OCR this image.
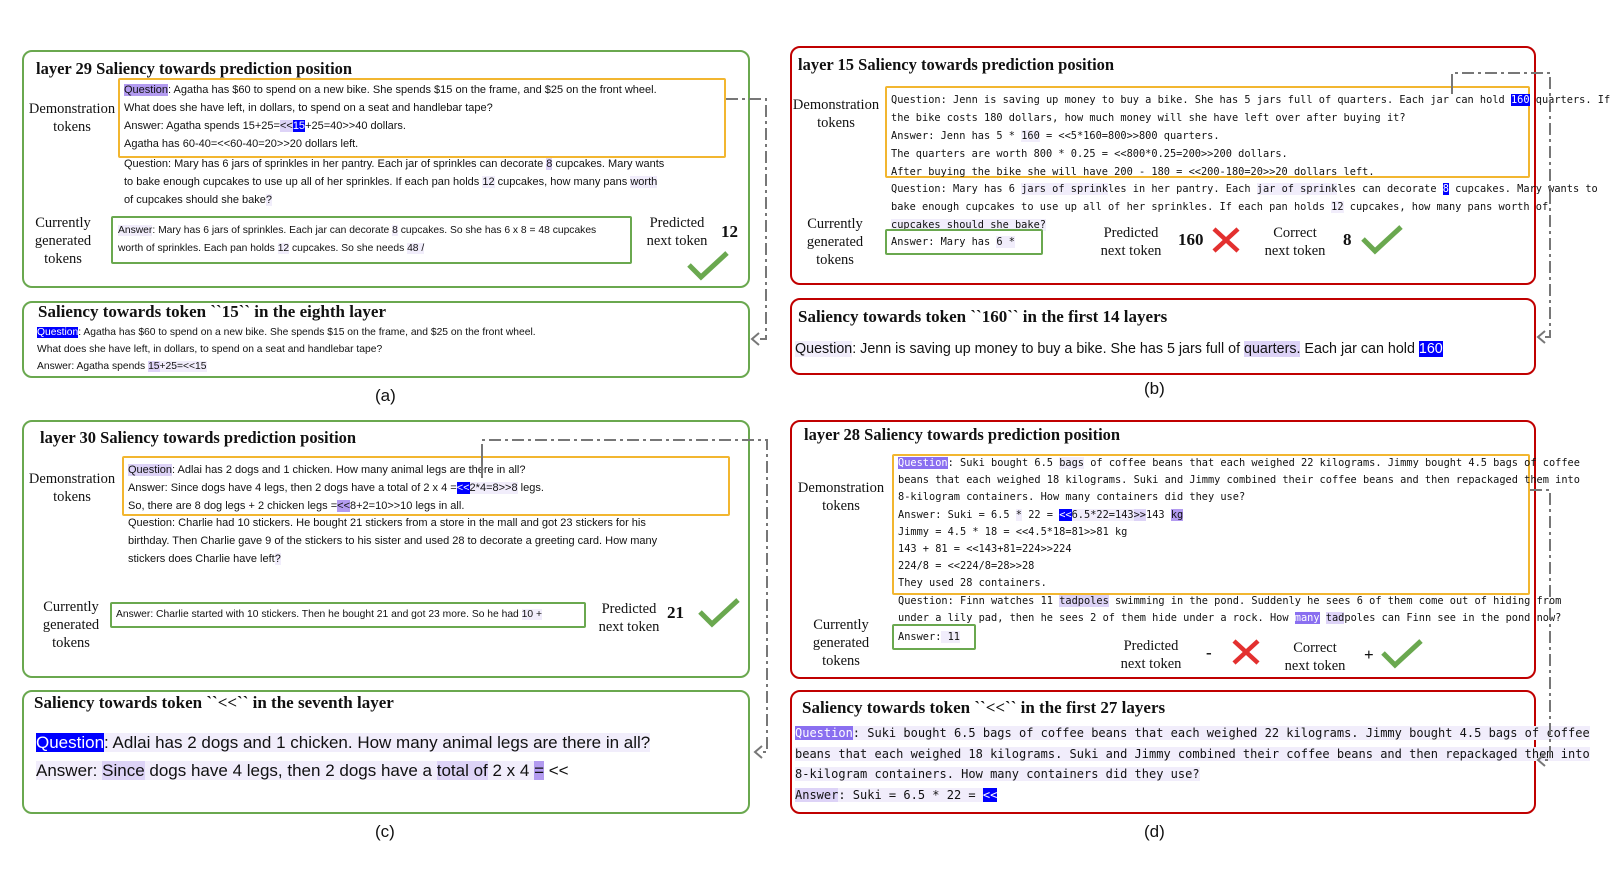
layer 29 Saliency towards prediction position
Demonstration
tokens
Question: Agatha has $60 to spend on a new bike. She spends $15 on the frame, and $25 on the front wheel.
What does she have left, in dollars, to spend on a seat and handlebar tape?
Answer: Agatha spends 15+25=<<15+25=40>>40 dollars.
Agatha has 60-40=<<60-40=20>>20 dollars left.
Question: Mary has 6 jars of sprinkles in her pantry. Each jar of sprinkles can decorate 8 cupcakes. Mary wants
to bake enough cupcakes to use up all of her sprinkles. If each pan holds 12 cupcakes, how many pans worth
of cupcakes should she bake?
Currently
generated
tokens
Answer: Mary has 6 jars of sprinkles. Each jar can decorate 8 cupcakes. So she has 6 x 8 = 48 cupcakes
worth of sprinkles. Each pan holds 12 cupcakes. So she needs 48 /
Predicted
next token 12
Saliency towards token ``15`` in the eighth layer
Question: Agatha has $60 to spend on a new bike. She spends $15 on the frame, and $25 on the front wheel.
What does she have left, in dollars, to spend on a seat and handlebar tape?
Answer: Agatha spends 15+25=<<15
(a)
layer 15 Saliency towards prediction position
Demonstration
tokens
Question: Jenn is saving up money to buy a bike. She has 5 jars full of quarters. Each jar can hold 160 quarters. If
the bike costs 180 dollars, how much money will she have left over after buying it?
Answer: Jenn has 5 * 160 = <<5*160=800>>800 quarters.
The quarters are worth 800 * 0.25 = <<800*0.25=200>>200 dollars.
After buying the bike she will have 200 - 180 = <<200-180=20>>20 dollars left.
Question: Mary has 6 jars of sprinkles in her pantry. Each jar of sprinkles can decorate 8 cupcakes. Mary wants to
bake enough cupcakes to use up all of her sprinkles. If each pan holds 12 cupcakes, how many pans worth of
cupcakes should she bake?
Currently
generated
tokens
Answer: Mary has 6 *
Predicted
next token
160	Correct
next token
8
Saliency towards token ``160`` in the first 14 layers
Question: Jenn is saving up money to buy a bike. She has 5 jars full of quarters. Each jar can hold 160
(b)
layer 30 Saliency towards prediction position
Demonstration
tokens
Question: Adlai has 2 dogs and 1 chicken. How many animal legs are there in all?
Answer: Since dogs have 4 legs, then 2 dogs have a total of 2 x 4 =<<2*4=8>>8 legs.
So, there are 8 dog legs + 2 chicken legs =<<8+2=10>>10 legs in all.
Question: Charlie had 10 stickers. He bought 21 stickers from a store in the mall and got 23 stickers for his
birthday. Then Charlie gave 9 of the stickers to his sister and used 28 to decorate a greeting card. How many
stickers does Charlie have left?
Currently
generated
tokens
Answer: Charlie started with 10 stickers. Then he bought 21 and got 23 more. So he had 10 +	Predicted
next token
21
Saliency towards token ``<<`` in the seventh layer
Question: Adlai has 2 dogs and 1 chicken. How many animal legs are there in all?
Answer: Since dogs have 4 legs, then 2 dogs have a total of 2 x 4 = <<
(c)
layer 28 Saliency towards prediction position
Demonstration
tokens
Question: Suki bought 6.5 bags of coffee beans that each weighed 22 kilograms. Jimmy bought 4.5 bags of coffee
beans that each weighed 18 kilograms. Suki and Jimmy combined their coffee beans and then repackaged them into
8-kilogram containers. How many containers did they use?
Answer: Suki = 6.5 * 22 = <<6.5*22=143>>143 kg
Jimmy = 4.5 * 18 = <<4.5*18=81>>81 kg
143 + 81 = <<143+81=224>>224
224/8 = <<224/8=28>>28
They used 28 containers.
Question: Finn watches 11 tadpoles swimming in the pond. Suddenly he sees 6 of them come out of hiding from
under a lily pad, then he sees 2 of them hide under a rock. How many tadpoles can Finn see in the pond now?
Currently
generated
tokens
Answer: 11
Predicted
next token
-	Correct
next token
+
Saliency towards token ``<<`` in the first 27 layers
Question: Suki bought 6.5 bags of coffee beans that each weighed 22 kilograms. Jimmy bought 4.5 bags of coffee
beans that each weighed 18 kilograms. Suki and Jimmy combined their coffee beans and then repackaged them into
8-kilogram containers. How many containers did they use?
Answer: Suki = 6.5 * 22 = <<
(d)
